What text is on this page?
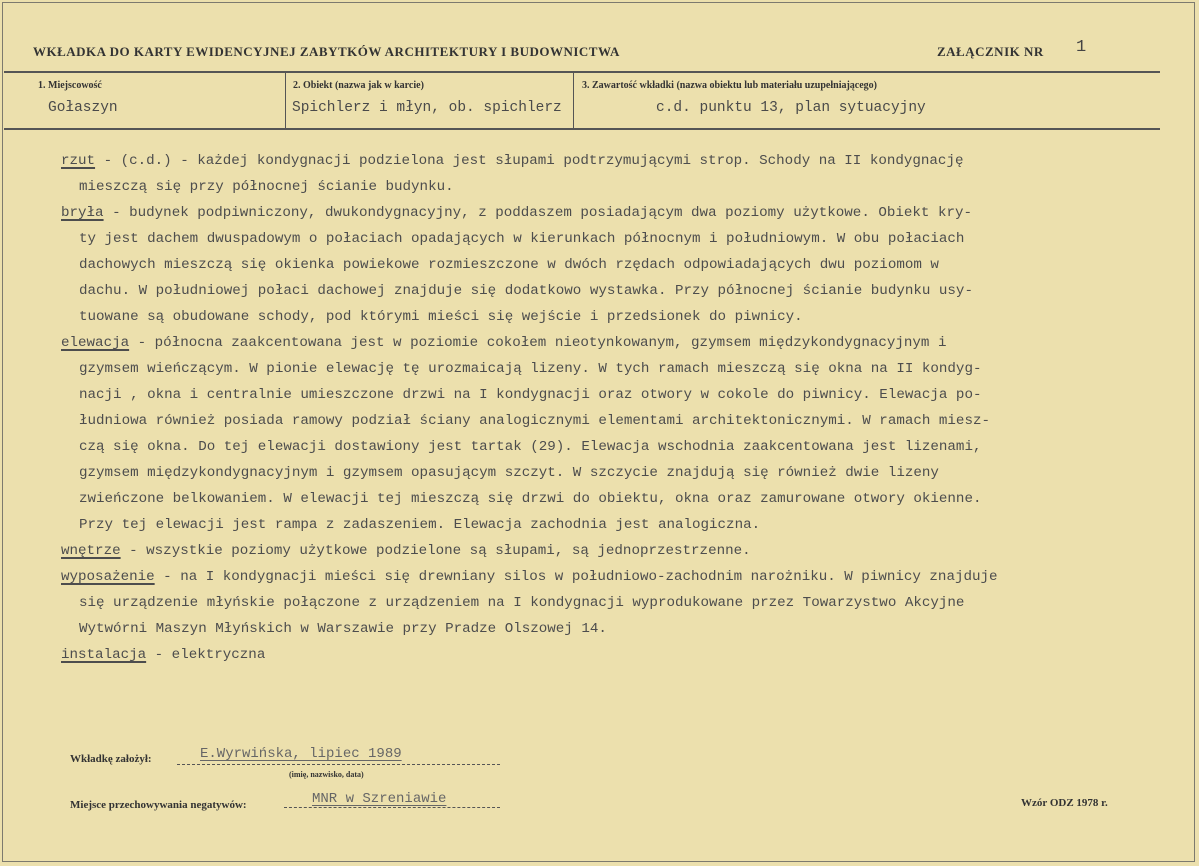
WKŁADKA DO KARTY EWIDENCYJNEJ ZABYTKÓW ARCHITEKTURY I BUDOWNICTWA	ZAŁĄCZNIK NR 1
1. Miejscowość
Gołaszyn
2. Obiekt (nazwa jak w karcie)
Spichlerz i młyn, ob. spichlerz
3. Zawartość wkładki (nazwa obiektu lub materiału uzupełniającego)
c.d. punktu 13, plan sytuacyjny
rzut - (c.d.) - każdej kondygnacji podzielona jest słupami podtrzymującymi strop. Schody na II kondygnację
mieszczą się przy północnej ścianie budynku.
bryła - budynek podpiwniczony, dwukondygnacyjny, z poddaszem posiadającym dwa poziomy użytkowe. Obiekt kry-
ty jest dachem dwuspadowym o połaciach opadających w kierunkach północnym i południowym. W obu połaciach
dachowych mieszczą się okienka powiekowe rozmieszczone w dwóch rzędach odpowiadających dwu poziomom w
dachu. W południowej połaci dachowej znajduje się dodatkowo wystawka. Przy północnej ścianie budynku usy-
tuowane są obudowane schody, pod którymi mieści się wejście i przedsionek do piwnicy.
elewacja - północna zaakcentowana jest w poziomie cokołem nieotynkowanym, gzymsem międzykondygnacyjnym i
gzymsem wieńczącym. W pionie elewację tę urozmaicają lizeny. W tych ramach mieszczą się okna na II kondyg-
nacji , okna i centralnie umieszczone drzwi na I kondygnacji oraz otwory w cokole do piwnicy. Elewacja po-
łudniowa również posiada ramowy podział ściany analogicznymi elementami architektonicznymi. W ramach miesz-
czą się okna. Do tej elewacji dostawiony jest tartak (29). Elewacja wschodnia zaakcentowana jest lizenami,
gzymsem międzykondygnacyjnym i gzymsem opasującym szczyt. W szczycie znajdują się również dwie lizeny
zwieńczone belkowaniem. W elewacji tej mieszczą się drzwi do obiektu, okna oraz zamurowane otwory okienne.
Przy tej elewacji jest rampa z zadaszeniem. Elewacja zachodnia jest analogiczna.
wnętrze - wszystkie poziomy użytkowe podzielone są słupami, są jednoprzestrzenne.
wyposażenie - na I kondygnacji mieści się drewniany silos w południowo-zachodnim narożniku. W piwnicy znajduje
się urządzenie młyńskie połączone z urządzeniem na I kondygnacji wyprodukowane przez Towarzystwo Akcyjne
Wytwórni Maszyn Młyńskich w Warszawie przy Pradze Olszowej 14.
instalacja - elektryczna
Wkładkę założył:	E.Wyrwińska, lipiec 1989
(imię, nazwisko, data)
Miejsce przechowywania negatywów:	MNR w Szreniawie	Wzór ODZ 1978 r.
